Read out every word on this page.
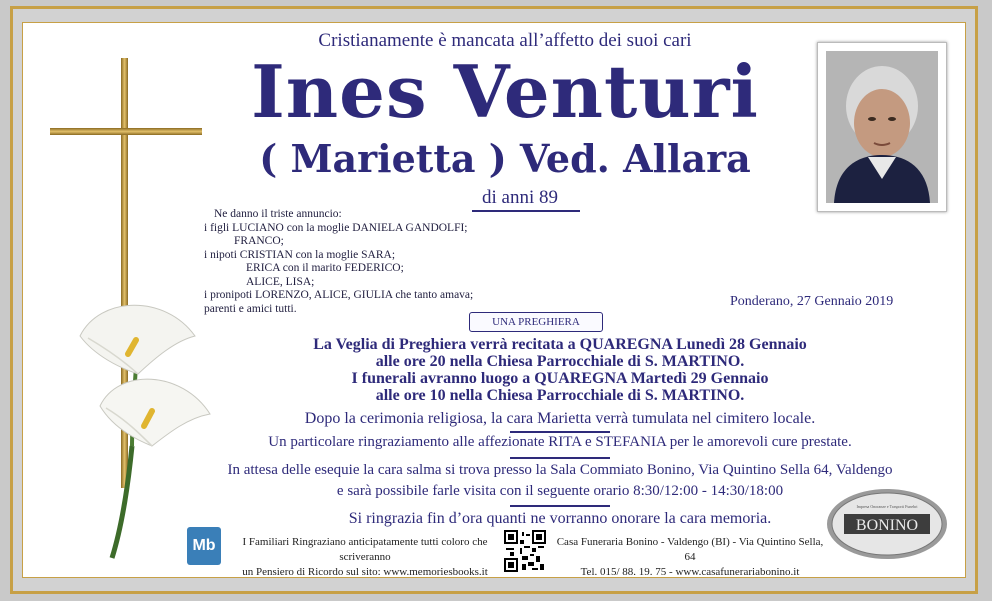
Cristianamente è mancata all’affetto dei suoi cari
Ines Venturi
( Marietta ) Ved. Allara
di anni 89
Ne danno il triste annuncio:
i figli LUCIANO con la moglie DANIELA GANDOLFI;
FRANCO;
i nipoti CRISTIAN con la moglie SARA;
ERICA con il marito FEDERICO;
ALICE, LISA;
i pronipoti LORENZO, ALICE, GIULIA che tanto amava;
parenti e amici tutti.	Ponderano, 27 Gennaio 2019
UNA PREGHIERA
La Veglia di Preghiera verrà recitata a QUAREGNA Lunedì 28 Gennaio
alle ore 20 nella Chiesa Parrocchiale di S. MARTINO.
I funerali avranno luogo a QUAREGNA Martedì 29 Gennaio
alle ore 10 nella Chiesa Parrocchiale di S. MARTINO.
Dopo la cerimonia religiosa, la cara Marietta verrà tumulata nel cimitero locale.
Un particolare ringraziamento alle affezionate RITA e STEFANIA per le amorevoli cure prestate.
In attesa delle esequie la cara salma si trova presso la Sala Commiato Bonino, Via Quintino Sella 64, Valdengo
e sarà possibile farle visita con il seguente orario 8:30/12:00 - 14:30/18:00
Si ringrazia fin d’ora quanti ne vorranno onorare la cara memoria.
Mb	I Familiari Ringraziano anticipatamente tutti coloro che scriveranno
un Pensiero di Ricordo sul sito: www.memoriesbooks.it
Casa Funeraria Bonino - Valdengo (BI) - Via Quintino Sella, 64
Tel. 015/ 88. 19. 75 - www.casafunerariabonino.it
BONINO
Impresa Onoranze e Trasporti Funebri
